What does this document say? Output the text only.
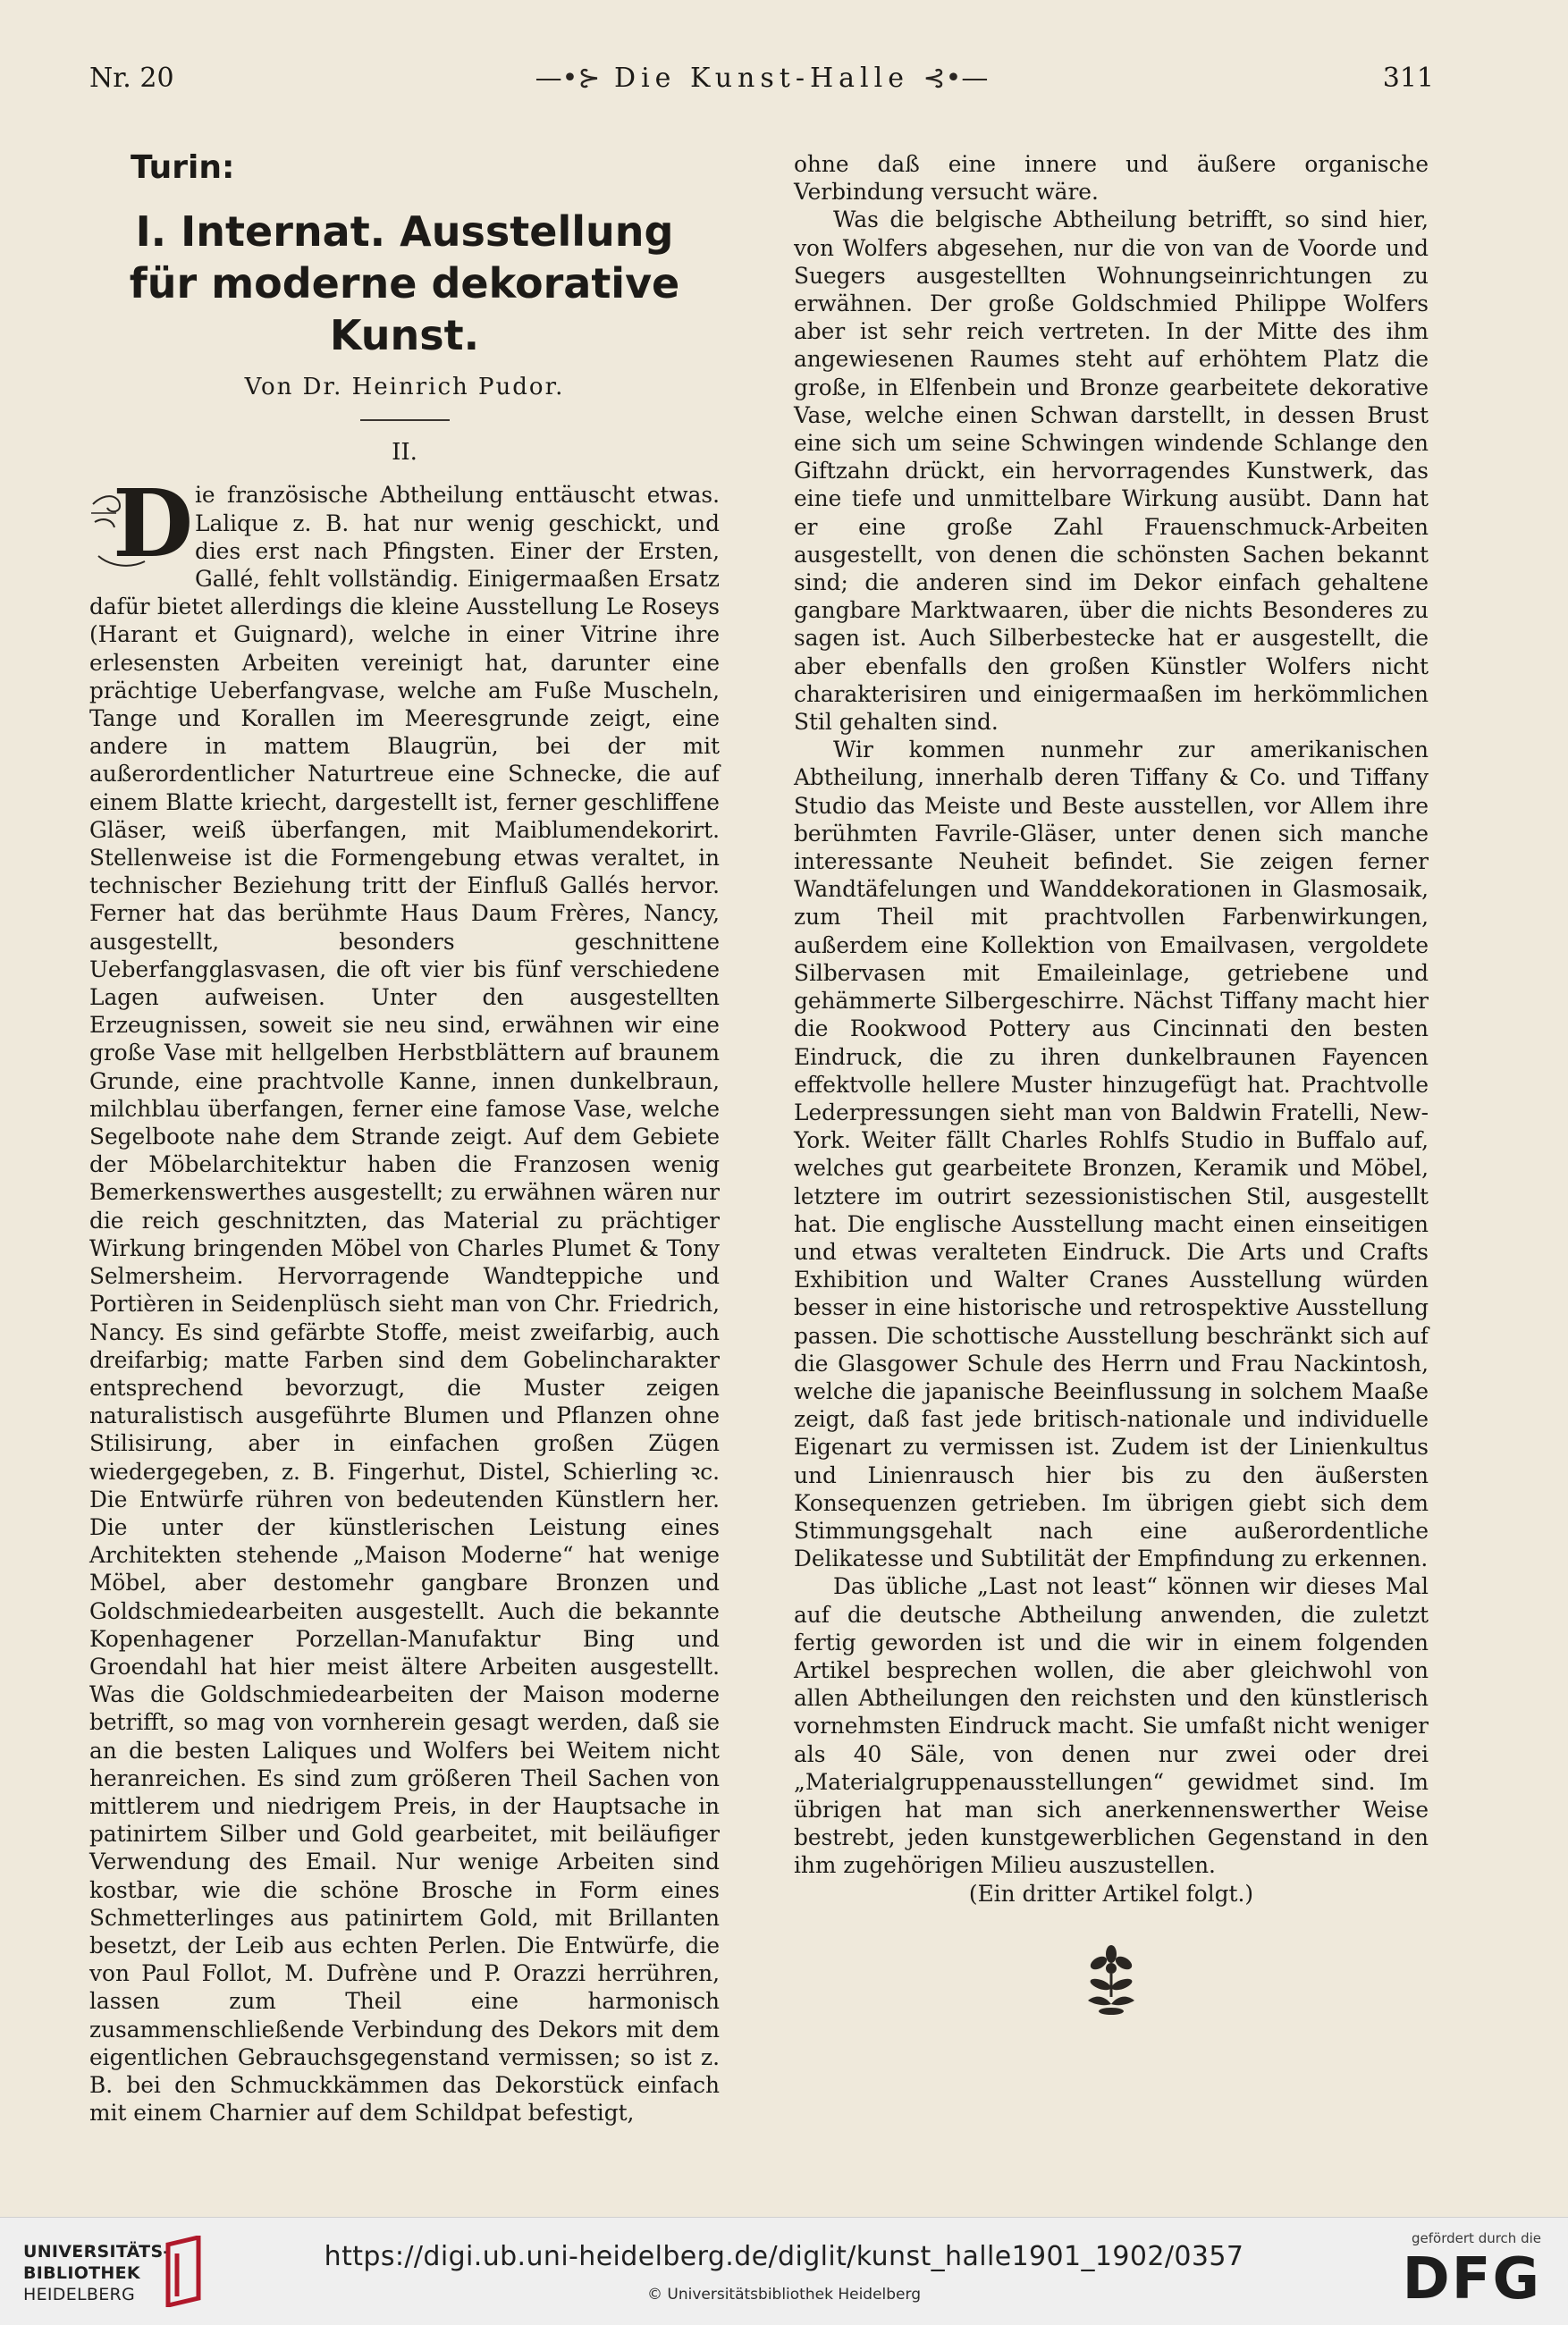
Nr. 20	—•⊱ Die Kunst-Halle ⊰•—	311
Turin:
I. Internat. Ausstellung
für moderne dekorative Kunst.
Von Dr. Heinrich Pudor.
II.
D ie französische Abtheilung enttäuscht etwas. Lalique z. B. hat nur wenig geschickt, und dies erst nach Pfingsten. Einer der Ersten, Gallé, fehlt vollständig. Einigermaaßen Ersatz dafür bietet allerdings die kleine Ausstellung Le Roseys (Harant et Guignard), welche in einer Vitrine ihre erlesensten Arbeiten vereinigt hat, darunter eine prächtige Ueberfangvase, welche am Fuße Muscheln, Tange und Korallen im Meeresgrunde zeigt, eine andere in mattem Blaugrün, bei der mit außerordentlicher Naturtreue eine Schnecke, die auf einem Blatte kriecht, dargestellt ist, ferner geschliffene Gläser, weiß überfangen, mit Maiblumendekorirt. Stellenweise ist die Formengebung etwas veraltet, in technischer Beziehung tritt der Einfluß Gallés hervor. Ferner hat das berühmte Haus Daum Frères, Nancy, ausgestellt, besonders geschnittene Ueberfangglasvasen, die oft vier bis fünf verschiedene Lagen aufweisen. Unter den ausgestellten Erzeugnissen, soweit sie neu sind, erwähnen wir eine große Vase mit hellgelben Herbstblättern auf braunem Grunde, eine prachtvolle Kanne, innen dunkelbraun, milchblau überfangen, ferner eine famose Vase, welche Segelboote nahe dem Strande zeigt. Auf dem Gebiete der Möbelarchitektur haben die Franzosen wenig Bemerkenswerthes ausgestellt; zu erwähnen wären nur die reich geschnitzten, das Material zu prächtiger Wirkung bringenden Möbel von Charles Plumet & Tony Selmersheim. Hervorragende Wandteppiche und Portièren in Seidenplüsch sieht man von Chr. Friedrich, Nancy. Es sind gefärbte Stoffe, meist zweifarbig, auch dreifarbig; matte Farben sind dem Gobelincharakter entsprechend bevorzugt, die Muster zeigen naturalistisch ausgeführte Blumen und Pflanzen ohne Stilisirung, aber in einfachen großen Zügen wiedergegeben, z. B. Fingerhut, Distel, Schierling ꝛc. Die Entwürfe rühren von bedeutenden Künstlern her. Die unter der künstlerischen Leistung eines Architekten stehende „Maison Moderne“ hat wenige Möbel, aber destomehr gangbare Bronzen und Goldschmiedearbeiten ausgestellt. Auch die bekannte Kopenhagener Porzellan-Manufaktur Bing und Groendahl hat hier meist ältere Arbeiten ausgestellt. Was die Goldschmiedearbeiten der Maison moderne betrifft, so mag von vornherein gesagt werden, daß sie an die besten Laliques und Wolfers bei Weitem nicht heranreichen. Es sind zum größeren Theil Sachen von mittlerem und niedrigem Preis, in der Hauptsache in patinirtem Silber und Gold gearbeitet, mit beiläufiger Verwendung des Email. Nur wenige Arbeiten sind kostbar, wie die schöne Brosche in Form eines Schmetterlinges aus patinirtem Gold, mit Brillanten besetzt, der Leib aus echten Perlen. Die Entwürfe, die von Paul Follot, M. Dufrène und P. Orazzi herrühren, lassen zum Theil eine harmonisch zusammenschließende Verbindung des Dekors mit dem eigentlichen Gebrauchsgegenstand vermissen; so ist z. B. bei den Schmuckkämmen das Dekorstück einfach mit einem Charnier auf dem Schildpat befestigt,

ohne daß eine innere und äußere organische Verbindung versucht wäre.

Was die belgische Abtheilung betrifft, so sind hier, von Wolfers abgesehen, nur die von van de Voorde und Suegers ausgestellten Wohnungseinrichtungen zu erwähnen. Der große Goldschmied Philippe Wolfers aber ist sehr reich vertreten. In der Mitte des ihm angewiesenen Raumes steht auf erhöhtem Platz die große, in Elfenbein und Bronze gearbeitete dekorative Vase, welche einen Schwan darstellt, in dessen Brust eine sich um seine Schwingen windende Schlange den Giftzahn drückt, ein hervorragendes Kunstwerk, das eine tiefe und unmittelbare Wirkung ausübt. Dann hat er eine große Zahl Frauenschmuck-Arbeiten ausgestellt, von denen die schönsten Sachen bekannt sind; die anderen sind im Dekor einfach gehaltene gangbare Marktwaaren, über die nichts Besonderes zu sagen ist. Auch Silberbestecke hat er ausgestellt, die aber ebenfalls den großen Künstler Wolfers nicht charakterisiren und einigermaaßen im herkömmlichen Stil gehalten sind.

Wir kommen nunmehr zur amerikanischen Abtheilung, innerhalb deren Tiffany & Co. und Tiffany Studio das Meiste und Beste ausstellen, vor Allem ihre berühmten Favrile-Gläser, unter denen sich manche interessante Neuheit befindet. Sie zeigen ferner Wandtäfelungen und Wanddekorationen in Glasmosaik, zum Theil mit prachtvollen Farbenwirkungen, außerdem eine Kollektion von Emailvasen, vergoldete Silbervasen mit Emaileinlage, getriebene und gehämmerte Silbergeschirre. Nächst Tiffany macht hier die Rookwood Pottery aus Cincinnati den besten Eindruck, die zu ihren dunkelbraunen Fayencen effektvolle hellere Muster hinzugefügt hat. Prachtvolle Lederpressungen sieht man von Baldwin Fratelli, New-York. Weiter fällt Charles Rohlfs Studio in Buffalo auf, welches gut gearbeitete Bronzen, Keramik und Möbel, letztere im outrirt sezessionistischen Stil, ausgestellt hat. Die englische Ausstellung macht einen einseitigen und etwas veralteten Eindruck. Die Arts und Crafts Exhibition und Walter Cranes Ausstellung würden besser in eine historische und retrospektive Ausstellung passen. Die schottische Ausstellung beschränkt sich auf die Glasgower Schule des Herrn und Frau Nackintosh, welche die japanische Beeinflussung in solchem Maaße zeigt, daß fast jede britisch-nationale und individuelle Eigenart zu vermissen ist. Zudem ist der Linienkultus und Linienrausch hier bis zu den äußersten Konsequenzen getrieben. Im übrigen giebt sich dem Stimmungsgehalt nach eine außerordentliche Delikatesse und Subtilität der Empfindung zu erkennen.

Das übliche „Last not least“ können wir dieses Mal auf die deutsche Abtheilung anwenden, die zuletzt fertig geworden ist und die wir in einem folgenden Artikel besprechen wollen, die aber gleichwohl von allen Abtheilungen den reichsten und den künstlerisch vornehmsten Eindruck macht. Sie umfaßt nicht weniger als 40 Säle, von denen nur zwei oder drei „Materialgruppenausstellungen“ gewidmet sind. Im übrigen hat man sich anerkennenswerther Weise bestrebt, jeden kunstgewerblichen Gegenstand in den ihm zugehörigen Milieu auszustellen.

(Ein dritter Artikel folgt.)

UNIVERSITÄTS-
BIBLIOTHEK
HEIDELBERG
https://digi.ub.uni-heidelberg.de/diglit/kunst_halle1901_1902/0357
© Universitätsbibliothek Heidelberg
gefördert durch die
DFG
